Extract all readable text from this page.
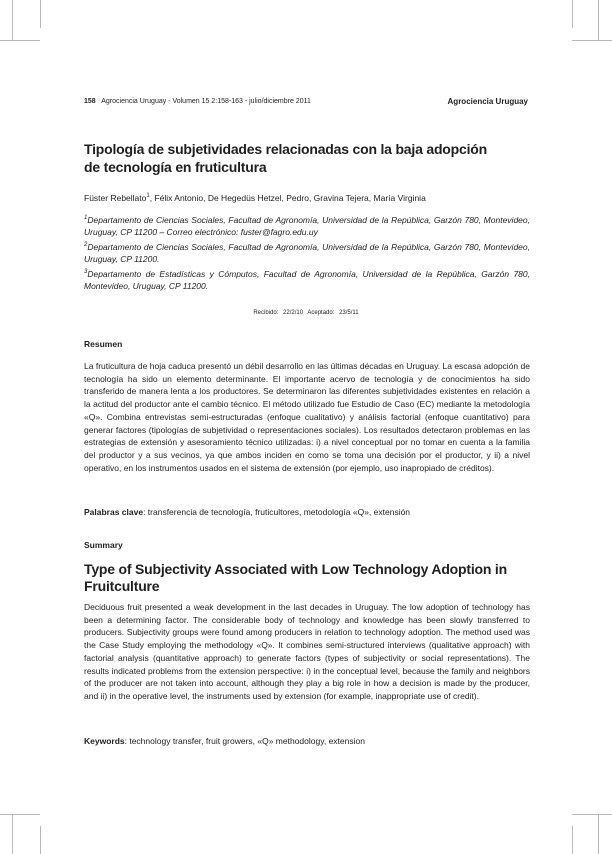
158 Agrociencia Uruguay - Volumen 15 2:158-163 - julio/diciembre 2011	Agrociencia Uruguay
Tipología de subjetividades relacionadas con la baja adopción de tecnología en fruticultura
Füster Rebellato$^1$, Félix Antonio, De Hegedüs Hetzel, Pedro, Gravina Tejera, María Virginia

$^1$Departamento de Ciencias Sociales, Facultad de Agronomía, Universidad de la República, Garzón 780, Montevideo, Uruguay, CP 11200 – Correo electrónico: fuster@fagro.edu.uy

$^2$Departamento de Ciencias Sociales, Facultad de Agronomía, Universidad de la República, Garzón 780, Montevideo, Uruguay, CP 11200.

$^3$Departamento de Estadísticas y Cómputos, Facultad de Agronomía, Universidad de la República, Garzón 780, Montevideo, Uruguay, CP 11200.

Recibido: 22/2/10 Aceptado: 23/5/11
Resumen

La fruticultura de hoja caduca presentó un débil desarrollo en las últimas décadas en Uruguay. La escasa adopción de tecnología ha sido un elemento determinante. El importante acervo de tecnología y de conocimientos ha sido transferido de manera lenta a los productores. Se determinaron las diferentes subjetividades existentes en relación a la actitud del productor ante el cambio técnico. El método utilizado fue Estudio de Caso (EC) mediante la metodología «Q». Combina entrevistas semi-estructuradas (enfoque cualitativo) y análisis factorial (enfoque cuantitativo) para generar factores (tipologías de subjetividad o representaciones sociales). Los resultados detectaron problemas en las estrategias de extensión y asesoramiento técnico utilizadas: i) a nivel conceptual por no tomar en cuenta a la familia del productor y a sus vecinos, ya que ambos inciden en como se toma una decisión por el productor, y ii) a nivel operativo, en los instrumentos usados en el sistema de extensión (por ejemplo, uso inapropiado de créditos).

Palabras clave: transferencia de tecnología, fruticultores, metodología «Q», extensión
Summary
Type of Subjectivity Associated with Low Technology Adoption in Fruitculture

Deciduous fruit presented a weak development in the last decades in Uruguay. The low adoption of technology has been a determining factor. The considerable body of technology and knowledge has been slowly transferred to producers. Subjectivity groups were found among producers in relation to technology adoption. The method used was the Case Study employing the methodology «Q». It combines semi-structured interviews (qualitative approach) with factorial analysis (quantitative approach) to generate factors (types of subjectivity or social representations). The results indicated problems from the extension perspective: i) in the conceptual level, because the family and neighbors of the producer are not taken into account, although they play a big role in how a decision is made by the producer, and ii) in the operative level, the instruments used by extension (for example, inappropriate use of credit).

Keywords: technology transfer, fruit growers, «Q» methodology, extension
